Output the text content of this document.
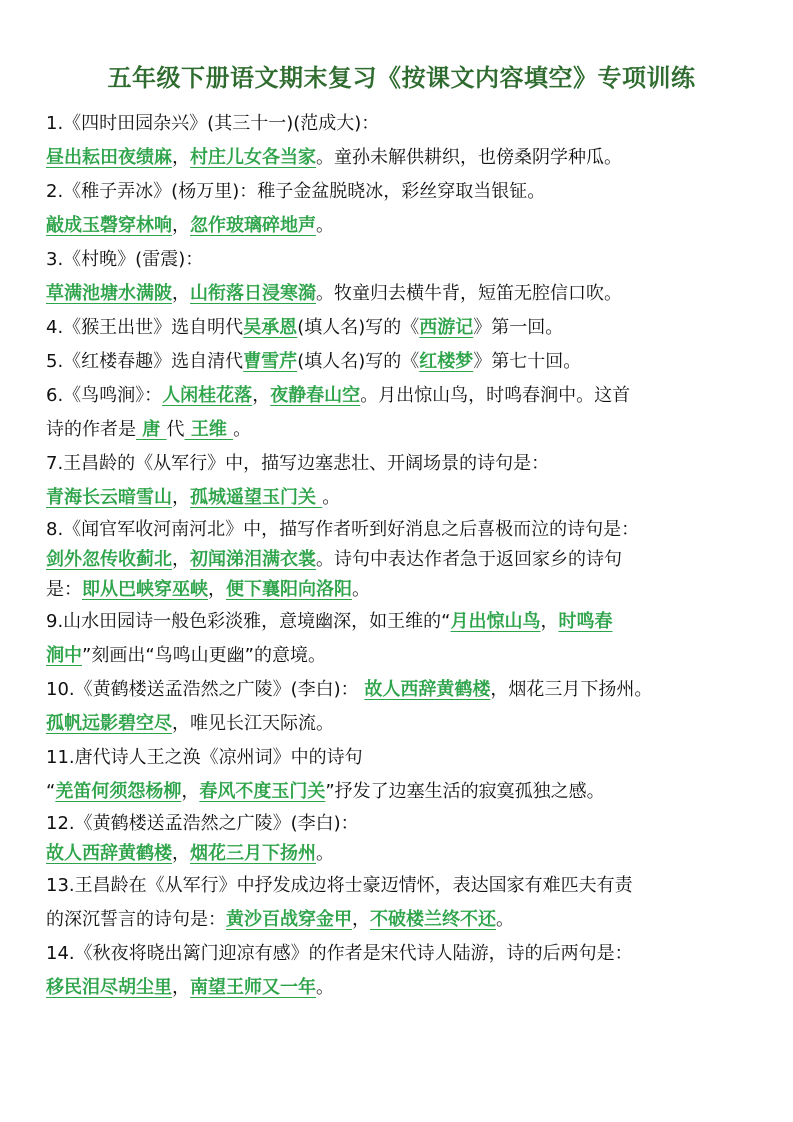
五年级下册语文期末复习《按课文内容填空》专项训练
1.《四时田园杂兴》(其三十一)(范成大)：
昼出耘田夜绩麻，村庄儿女各当家。童孙未解供耕织，也傍桑阴学种瓜。
2.《稚子弄冰》(杨万里)：稚子金盆脱晓冰，彩丝穿取当银钲。
敲成玉磬穿林响，忽作玻璃碎地声。
3.《村晚》(雷震)：
草满池塘水满陂，山衔落日浸寒漪。牧童归去横牛背，短笛无腔信口吹。
4.《猴王出世》选自明代吴承恩(填人名)写的《西游记》第一回。
5.《红楼春趣》选自清代曹雪芹(填人名)写的《红楼梦》第七十回。
6.《鸟鸣涧》：人闲桂花落，夜静春山空。月出惊山鸟，时鸣春涧中。这首
诗的作者是 唐 代 王维 。
7.王昌龄的《从军行》中，描写边塞悲壮、开阔场景的诗句是：
青海长云暗雪山，孤城遥望玉门关 。
8.《闻官军收河南河北》中，描写作者听到好消息之后喜极而泣的诗句是：
剑外忽传收蓟北，初闻涕泪满衣裳。诗句中表达作者急于返回家乡的诗句
是：即从巴峡穿巫峡，便下襄阳向洛阳。
9.山水田园诗一般色彩淡雅，意境幽深，如王维的“月出惊山鸟，时鸣春
涧中”刻画出“鸟鸣山更幽”的意境。
10.《黄鹤楼送孟浩然之广陵》(李白)： 故人西辞黄鹤楼，烟花三月下扬州。
孤帆远影碧空尽，唯见长江天际流。
11.唐代诗人王之涣《凉州词》中的诗句
“羌笛何须怨杨柳，春风不度玉门关”抒发了边塞生活的寂寞孤独之感。
12.《黄鹤楼送孟浩然之广陵》(李白)：
故人西辞黄鹤楼，烟花三月下扬州。
13.王昌龄在《从军行》中抒发成边将士豪迈情怀，表达国家有难匹夫有责
的深沉誓言的诗句是：黄沙百战穿金甲，不破楼兰终不还。
14.《秋夜将晓出篱门迎凉有感》的作者是宋代诗人陆游，诗的后两句是：
移民泪尽胡尘里，南望王师又一年。
